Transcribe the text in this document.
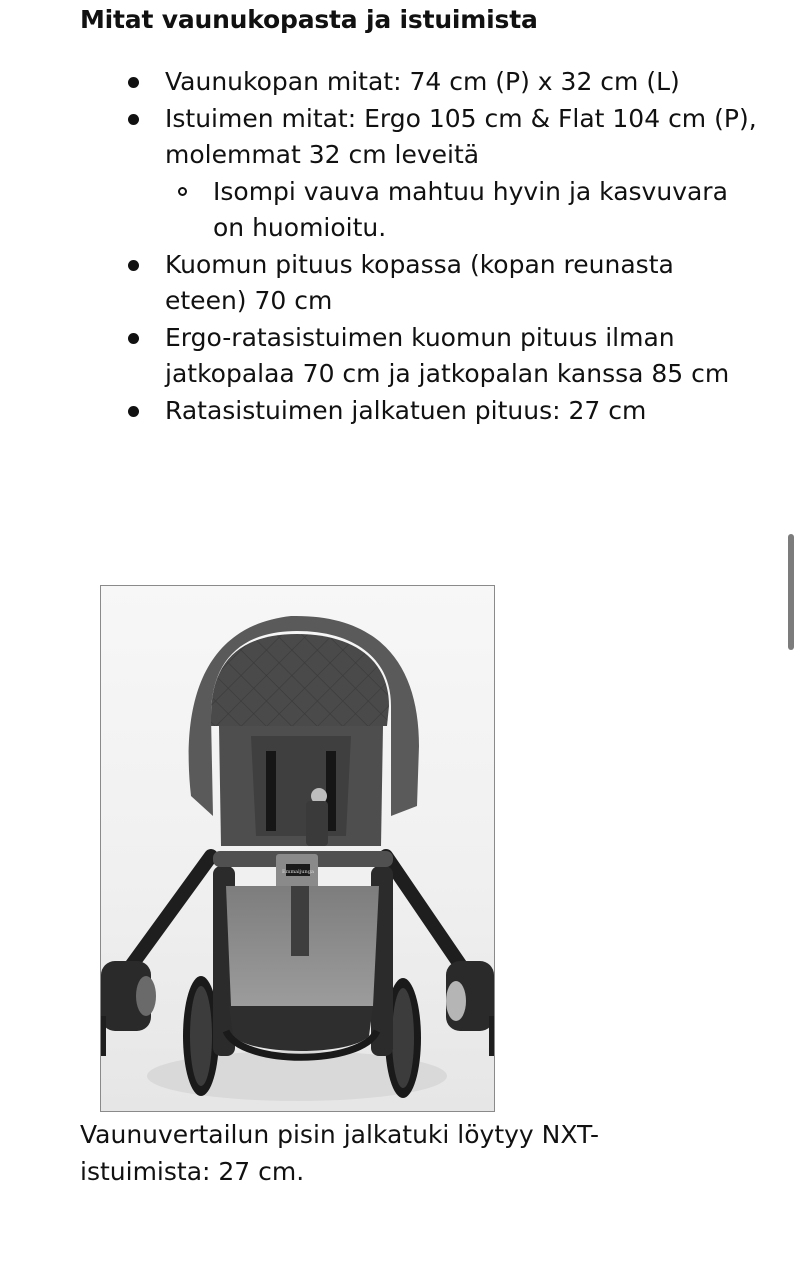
Mitat vaunukopasta ja istuimista
Vaunukopan mitat: 74 cm (P) x 32 cm (L)
Istuimen mitat: Ergo 105 cm & Flat 104 cm (P), molemmat 32 cm leveitä
Isompi vauva mahtuu hyvin ja kasvuvara on huomioitu.
Kuomun pituus kopassa (kopan reunasta eteen) 70 cm
Ergo-ratasistuimen kuomun pituus ilman jatkopalaa 70 cm ja jatkopalan kanssa 85 cm
Ratasistuimen jalkatuen pituus: 27 cm
Emmaljunga

Vaunuvertailun pisin jalkatuki löytyy NXT-istuimista: 27 cm.
